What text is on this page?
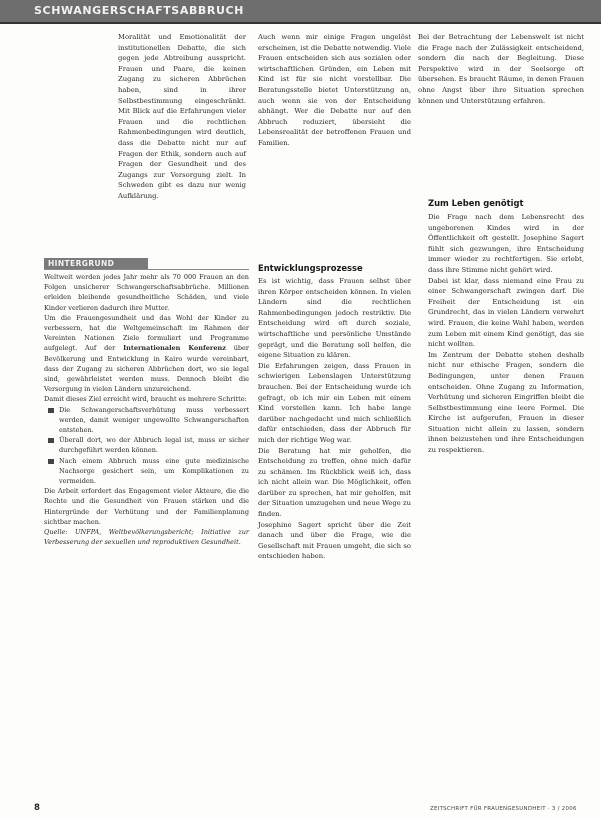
SCHWANGERSCHAFTSABBRUCH

Moralität und Emotionalität der institutionellen Debatte, die sich gegen jede Abtreibung ausspricht. Frauen und Paare, die keinen Zugang zu sicheren Abbrüchen haben, sind in ihrer Selbstbestimmung eingeschränkt. Mit Blick auf die Erfahrungen vieler Frauen und die rechtlichen Rahmenbedingungen wird deutlich, dass die Debatte nicht nur auf Fragen der Ethik, sondern auch auf Fragen der Gesundheit und des Zugangs zur Versorgung zielt. In Schweden gibt es dazu nur wenig Aufklärung.

Auch wenn mir einige Fragen ungelöst erscheinen, ist die Debatte notwendig. Viele Frauen entscheiden sich aus sozialen oder wirtschaftlichen Gründen, ein Leben mit Kind ist für sie nicht vorstellbar. Die Beratungsstelle bietet Unterstützung an, auch wenn sie von der Entscheidung abhängt. Wer die Debatte nur auf den Abbruch reduziert, übersieht die Lebensrealität der betroffenen Frauen und Familien.

Bei der Betrachtung der Lebenswelt ist nicht die Frage nach der Zulässigkeit entscheidend, sondern die nach der Begleitung. Diese Perspektive wird in der Seelsorge oft übersehen. Es braucht Räume, in denen Frauen ohne Angst über ihre Situation sprechen können und Unterstützung erfahren.

HINTERGRUND

Weltweit werden jedes Jahr mehr als 70 000 Frauen an den Folgen unsicherer Schwangerschaftsabbrüche. Millionen erleiden bleibende gesundheitliche Schäden, und viele Kinder verlieren dadurch ihre Mutter.

Um die Frauengesundheit und das Wohl der Kinder zu verbessern, hat die Weltgemeinschaft im Rahmen der Vereinten Nationen Ziele formuliert und Programme aufgelegt. Auf der Internationalen Konferenz über Bevölkerung und Entwicklung in Kairo wurde vereinbart, dass der Zugang zu sicheren Abbrüchen dort, wo sie legal sind, gewährleistet werden muss. Dennoch bleibt die Versorgung in vielen Ländern unzureichend.

Damit dieses Ziel erreicht wird, braucht es mehrere Schritte:

Die Schwangerschaftsverhütung muss verbessert werden, damit weniger ungewollte Schwangerschaften entstehen.
Überall dort, wo der Abbruch legal ist, muss er sicher durchgeführt werden können.
Nach einem Abbruch muss eine gute medizinische Nachsorge gesichert sein, um Komplikationen zu vermeiden.

Die Arbeit erfordert das Engagement vieler Akteure, die die Rechte und die Gesundheit von Frauen stärken und die Hintergründe der Verhütung und der Familienplanung sichtbar machen.

Quelle: UNFPA, Weltbevölkerungsbericht; Initiative zur Verbesserung der sexuellen und reproduktiven Gesundheit.

Entwicklungsprozesse

Es ist wichtig, dass Frauen selbst über ihren Körper entscheiden können. In vielen Ländern sind die rechtlichen Rahmenbedingungen jedoch restriktiv. Die Entscheidung wird oft durch soziale, wirtschaftliche und persönliche Umstände geprägt, und die Beratung soll helfen, die eigene Situation zu klären.

Die Erfahrungen zeigen, dass Frauen in schwierigen Lebenslagen Unterstützung brauchen. Bei der Entscheidung wurde ich gefragt, ob ich mir ein Leben mit einem Kind vorstellen kann. Ich habe lange darüber nachgedacht und mich schließlich dafür entschieden, dass der Abbruch für mich der richtige Weg war.

Die Beratung hat mir geholfen, die Entscheidung zu treffen, ohne mich dafür zu schämen. Im Rückblick weiß ich, dass ich nicht allein war. Die Möglichkeit, offen darüber zu sprechen, hat mir geholfen, mit der Situation umzugehen und neue Wege zu finden.

Josephine Sagert spricht über die Zeit danach und über die Frage, wie die Gesellschaft mit Frauen umgeht, die sich so entschieden haben.

Zum Leben genötigt

Die Frage nach dem Lebensrecht des ungeborenen Kindes wird in der Öffentlichkeit oft gestellt. Josephine Sagert fühlt sich gezwungen, ihre Entscheidung immer wieder zu rechtfertigen. Sie erlebt, dass ihre Stimme nicht gehört wird.

Dabei ist klar, dass niemand eine Frau zu einer Schwangerschaft zwingen darf. Die Freiheit der Entscheidung ist ein Grundrecht, das in vielen Ländern verwehrt wird. Frauen, die keine Wahl haben, werden zum Leben mit einem Kind genötigt, das sie nicht wollten.

Im Zentrum der Debatte stehen deshalb nicht nur ethische Fragen, sondern die Bedingungen, unter denen Frauen entscheiden. Ohne Zugang zu Information, Verhütung und sicheren Eingriffen bleibt die Selbstbestimmung eine leere Formel. Die Kirche ist aufgerufen, Frauen in dieser Situation nicht allein zu lassen, sondern ihnen beizustehen und ihre Entscheidungen zu respektieren.

8	ZEITSCHRIFT FÜR FRAUENGESUNDHEIT · 3 / 2006
